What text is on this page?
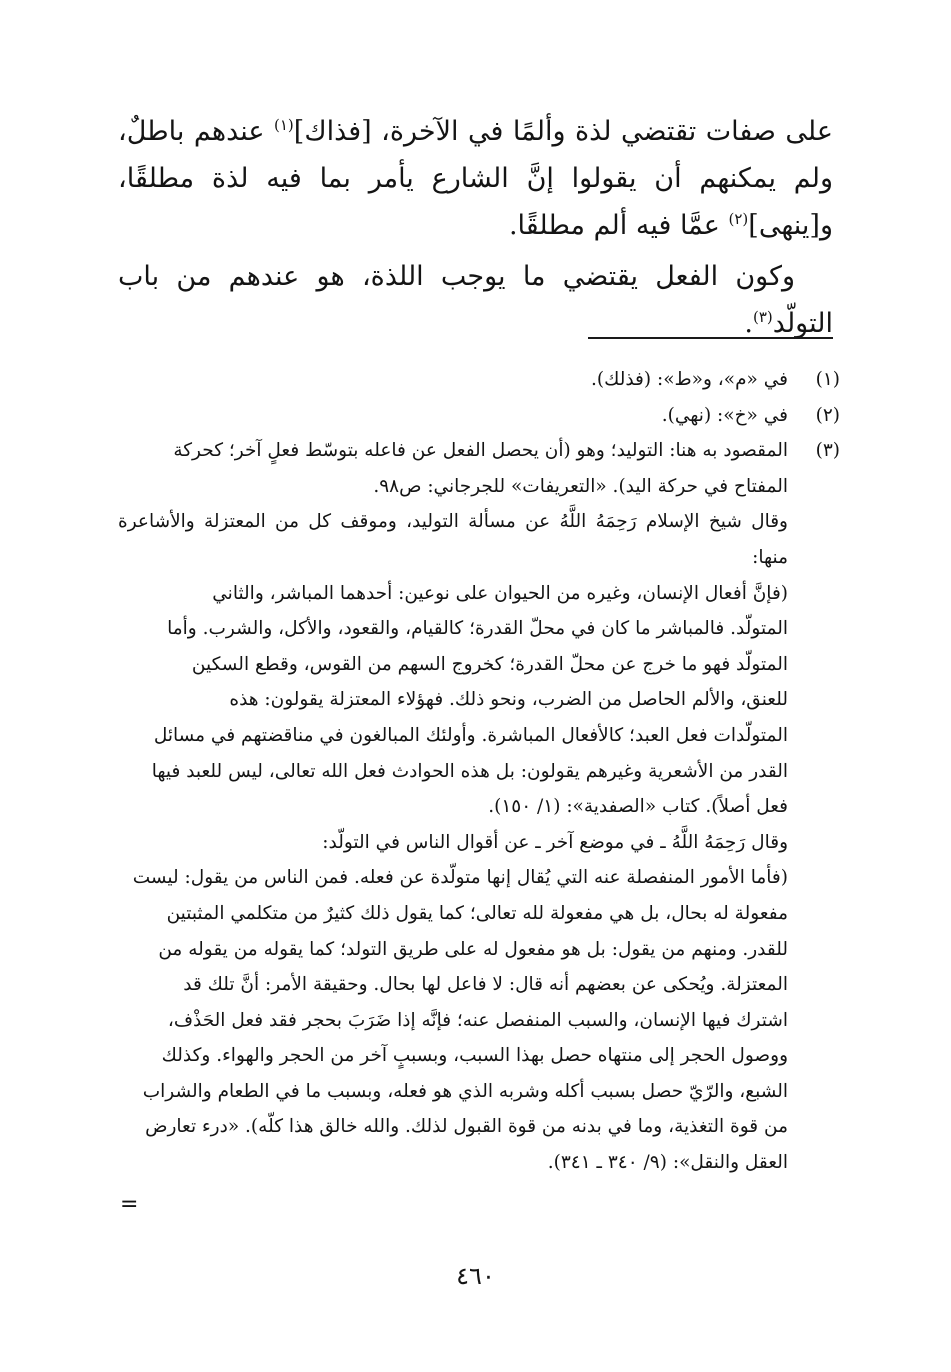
على صفات تقتضي لذة وألمًا في الآخرة، [فذاك]$^{(١)}$ عندهم باطلٌ، ولم يمكنهم أن يقولوا إنَّ الشارع يأمر بما فيه لذة مطلقًا، و[ينهى]$^{(٢)}$ عمَّا فيه ألم مطلقًا.

وكون الفعل يقتضي ما يوجب اللذة، هو عندهم من باب التولّد$^{(٣)}$.

(١)
في «م»، و«ط»: (فذلك).
(٢)
في «خ»: (نهي).
(٣)
المقصود به هنا: التوليد؛ وهو (أن يحصل الفعل عن فاعله بتوسّط فعلٍ آخر؛ كحركة
المفتاح في حركة اليد). «التعريفات» للجرجاني: ص٩٨.
وقال شيخ الإسلام رَحِمَهُ اللَّهُ عن مسألة التوليد، وموقف كل من المعتزلة والأشاعرة منها:
(فإنَّ أفعال الإنسان، وغيره من الحيوان على نوعين: أحدهما المباشر، والثاني
المتولّد. فالمباشر ما كان في محلّ القدرة؛ كالقيام، والقعود، والأكل، والشرب. وأما
المتولّد فهو ما خرج عن محلّ القدرة؛ كخروج السهم من القوس، وقطع السكين
للعنق، والألم الحاصل من الضرب، ونحو ذلك. فهؤلاء المعتزلة يقولون: هذه
المتولّدات فعل العبد؛ كالأفعال المباشرة. وأولئك المبالغون في مناقضتهم في مسائل
القدر من الأشعرية وغيرهم يقولون: بل هذه الحوادث فعل الله تعالى، ليس للعبد فيها
فعل أصلاً). كتاب «الصفدية»: (١/ ١٥٠).
وقال رَحِمَهُ اللَّهُ ـ في موضع آخر ـ عن أقوال الناس في التولّد:
(فأما الأمور المنفصلة عنه التي يُقال إنها متولّدة عن فعله. فمن الناس من يقول: ليست
مفعولة له بحال، بل هي مفعولة لله تعالى؛ كما يقول ذلك كثيرٌ من متكلمي المثبتين
للقدر. ومنهم من يقول: بل هو مفعول له على طريق التولد؛ كما يقوله من يقوله من
المعتزلة. ويُحكى عن بعضهم أنه قال: لا فاعل لها بحال. وحقيقة الأمر: أنَّ تلك قد
اشترك فيها الإنسان، والسبب المنفصل عنه؛ فإنَّه إذا ضَرَبَ بحجر فقد فعل الحَذْف،
ووصول الحجر إلى منتهاه حصل بهذا السبب، وبسببٍ آخر من الحجر والهواء. وكذلك
الشبع، والرّيّ حصل بسبب أكله وشربه الذي هو فعله، وبسبب ما في الطعام والشراب
من قوة التغذية، وما في بدنه من قوة القبول لذلك. والله خالق هذا كلّه). «درء تعارض
العقل والنقل»: (٩/ ٣٤٠ ـ ٣٤١).
=
٤٦٠
